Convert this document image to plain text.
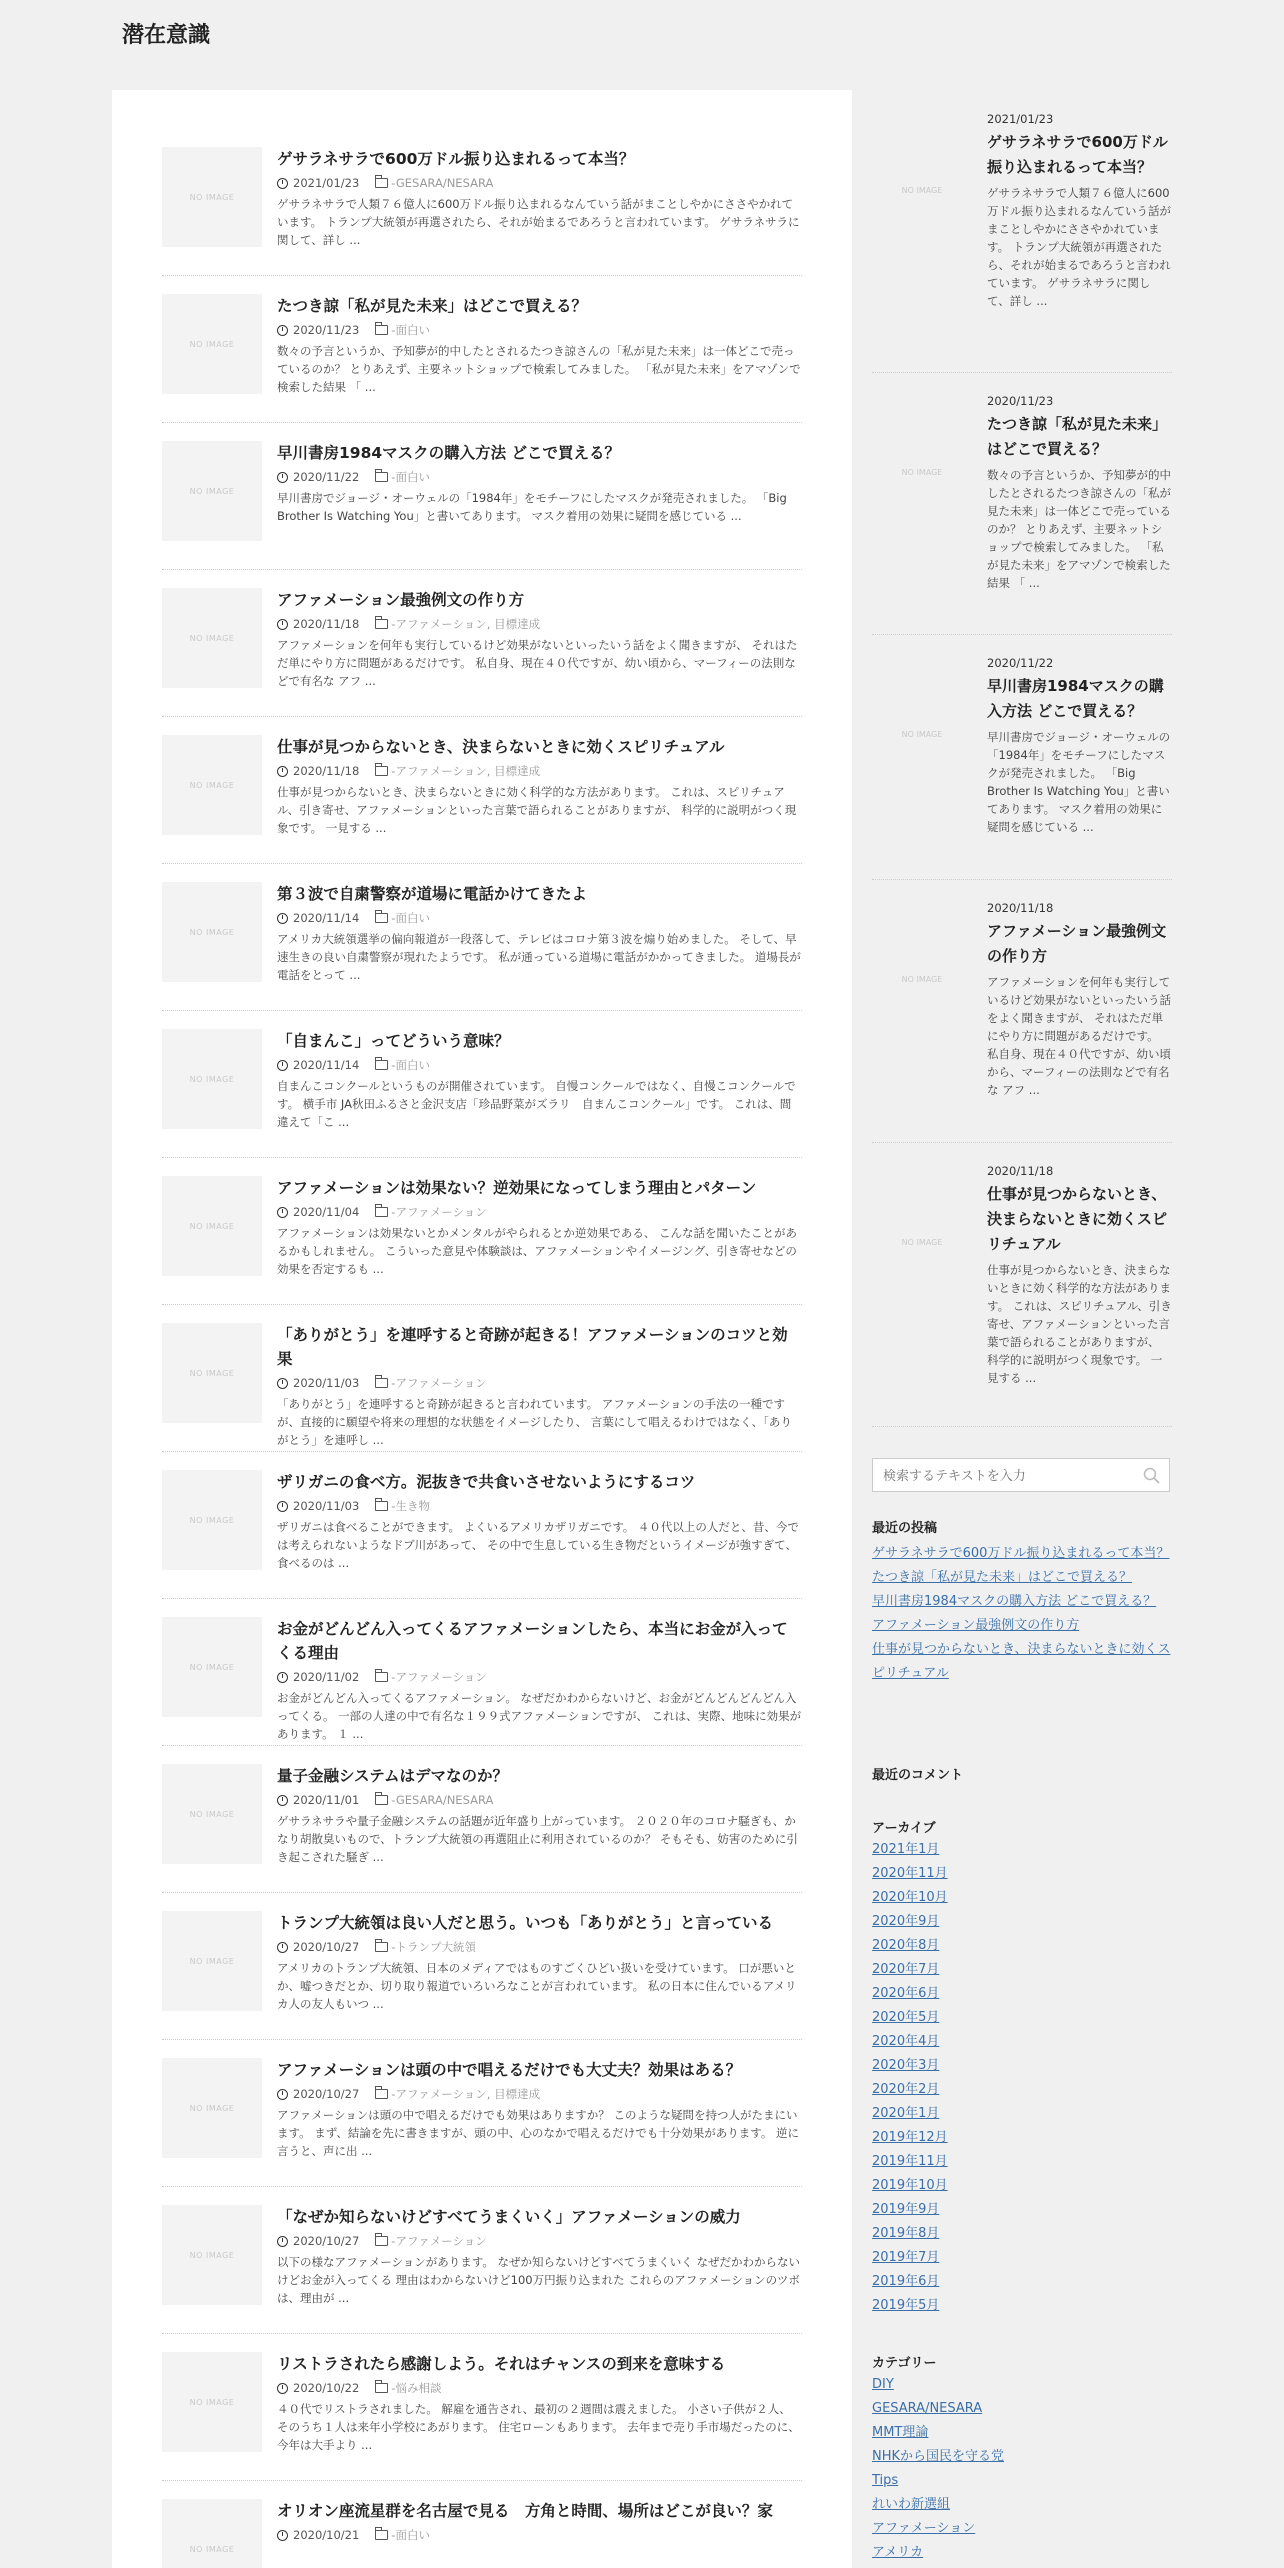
潜在意識
NO IMAGE
ゲサラネサラで600万ドル振り込まれるって本当？
2021/01/23	-GESARA/NESARA
ゲサラネサラで人類７６億人に600万ドル振り込まれるなんていう話がまことしやかにささやかれています。 トランプ大統領が再選されたら、それが始まるであろうと言われています。 ゲサラネサラに関して、詳し ...
NO IMAGE
たつき諒「私が見た未来」はどこで買える？
2020/11/23	-面白い
数々の予言というか、予知夢が的中したとされるたつき諒さんの「私が見た未来」は一体どこで売っているのか？ とりあえず、主要ネットショップで検索してみました。 「私が見た未来」をアマゾンで検索した結果 「 ...
NO IMAGE
早川書房1984マスクの購入方法 どこで買える？
2020/11/22	-面白い
早川書房でジョージ・オーウェルの「1984年」をモチーフにしたマスクが発売されました。 「Big Brother Is Watching You」と書いてあります。 マスク着用の効果に疑問を感じている ...
NO IMAGE
アファメーション最強例文の作り方
2020/11/18	-アファメーション, 目標達成
アファメーションを何年も実行しているけど効果がないといったいう話をよく聞きますが、 それはただ単にやり方に問題があるだけです。 私自身、現在４０代ですが、幼い頃から、マーフィーの法則などで有名な アフ ...
NO IMAGE
仕事が見つからないとき、決まらないときに効くスピリチュアル
2020/11/18	-アファメーション, 目標達成
仕事が見つからないとき、決まらないときに効く科学的な方法があります。 これは、スピリチュアル、引き寄せ、アファメーションといった言葉で語られることがありますが、 科学的に説明がつく現象です。 一見する ...
NO IMAGE
第３波で自粛警察が道場に電話かけてきたよ
2020/11/14	-面白い
アメリカ大統領選挙の偏向報道が一段落して、テレビはコロナ第３波を煽り始めました。 そして、早速生きの良い自粛警察が現れたようです。 私が通っている道場に電話がかかってきました。 道場長が電話をとって ...
NO IMAGE
「自まんこ」ってどういう意味？
2020/11/14	-面白い
自まんこコンクールというものが開催されています。 自慢コンクールではなく、自慢こコンクールです。 横手市 JA秋田ふるさと金沢支店「珍品野菜がズラリ　自まんこコンクール」です。 これは、間違えて「こ ...
NO IMAGE
アファメーションは効果ない？逆効果になってしまう理由とパターン
2020/11/04	-アファメーション
アファメーションは効果ないとかメンタルがやられるとか逆効果である、 こんな話を聞いたことがあるかもしれません。 こういった意見や体験談は、アファメーションやイメージング、引き寄せなどの効果を否定するも ...
NO IMAGE
「ありがとう」を連呼すると奇跡が起きる！アファメーションのコツと効果
2020/11/03	-アファメーション
「ありがとう」を連呼すると奇跡が起きると言われています。 アファメーションの手法の一種ですが、直接的に願望や将来の理想的な状態をイメージしたり、 言葉にして唱えるわけではなく、「ありがとう」を連呼し ...
NO IMAGE
ザリガニの食べ方。泥抜きで共食いさせないようにするコツ
2020/11/03	-生き物
ザリガニは食べることができます。 よくいるアメリカザリガニです。 ４０代以上の人だと、昔、今では考えられないようなドブ川があって、 その中で生息している生き物だというイメージが強すぎて、 食べるのは ...
NO IMAGE
お金がどんどん入ってくるアファメーションしたら、本当にお金が入ってくる理由
2020/11/02	-アファメーション
お金がどんどん入ってくるアファメーション。 なぜだかわからないけど、お金がどんどんどんどん入ってくる。 一部の人達の中で有名な１９９式アファメーションですが、 これは、実際、地味に効果があります。 １ ...
NO IMAGE
量子金融システムはデマなのか？
2020/11/01	-GESARA/NESARA
ゲサラネサラや量子金融システムの話題が近年盛り上がっています。 ２０２０年のコロナ騒ぎも、かなり胡散臭いもので、トランプ大統領の再選阻止に利用されているのか？ そもそも、妨害のために引き起こされた騒ぎ ...
NO IMAGE
トランプ大統領は良い人だと思う。いつも「ありがとう」と言っている
2020/10/27	-トランプ大統領
アメリカのトランプ大統領、日本のメディアではものすごくひどい扱いを受けています。 口が悪いとか、嘘つきだとか、切り取り報道でいろいろなことが言われています。 私の日本に住んでいるアメリカ人の友人もいつ ...
NO IMAGE
アファメーションは頭の中で唱えるだけでも大丈夫？効果はある？
2020/10/27	-アファメーション, 目標達成
アファメーションは頭の中で唱えるだけでも効果はありますか？ このような疑問を持つ人がたまにいます。 まず、結論を先に書きますが、頭の中、心のなかで唱えるだけでも十分効果があります。 逆に言うと、声に出 ...
NO IMAGE
「なぜか知らないけどすべてうまくいく」アファメーションの威力
2020/10/27	-アファメーション
以下の様なアファメーションがあります。 なぜか知らないけどすべてうまくいく なぜだかわからないけどお金が入ってくる 理由はわからないけど100万円振り込まれた これらのアファメーションのツボは、理由が ...
NO IMAGE
リストラされたら感謝しよう。それはチャンスの到来を意味する
2020/10/22	-悩み相談
４０代でリストラされました。 解雇を通告され、最初の２週間は震えました。 小さい子供が２人、そのうち１人は来年小学校にあがります。 住宅ローンもあります。 去年まで売り手市場だったのに、今年は大手より ...
NO IMAGE
オリオン座流星群を名古屋で見る　方角と時間、場所はどこが良い？家
2020/10/21	-面白い
NO IMAGE
2021/01/23
ゲサラネサラで600万ドル振り込まれるって本当？
ゲサラネサラで人類７６億人に600万ドル振り込まれるなんていう話がまことしやかにささやかれています。 トランプ大統領が再選されたら、それが始まるであろうと言われています。 ゲサラネサラに関して、詳し ...
NO IMAGE
2020/11/23
たつき諒「私が見た未来」はどこで買える？
数々の予言というか、予知夢が的中したとされるたつき諒さんの「私が見た未来」は一体どこで売っているのか？ とりあえず、主要ネットショップで検索してみました。 「私が見た未来」をアマゾンで検索した結果 「 ...
NO IMAGE
2020/11/22
早川書房1984マスクの購入方法 どこで買える？
早川書房でジョージ・オーウェルの「1984年」をモチーフにしたマスクが発売されました。 「Big Brother Is Watching You」と書いてあります。 マスク着用の効果に疑問を感じている ...
NO IMAGE
2020/11/18
アファメーション最強例文の作り方
アファメーションを何年も実行しているけど効果がないといったいう話をよく聞きますが、 それはただ単にやり方に問題があるだけです。 私自身、現在４０代ですが、幼い頃から、マーフィーの法則などで有名な アフ ...
NO IMAGE
2020/11/18
仕事が見つからないとき、決まらないときに効くスピリチュアル
仕事が見つからないとき、決まらないときに効く科学的な方法があります。 これは、スピリチュアル、引き寄せ、アファメーションといった言葉で語られることがありますが、 科学的に説明がつく現象です。 一見する ...
検索するテキストを入力
最近の投稿
ゲサラネサラで600万ドル振り込まれるって本当？
たつき諒「私が見た未来」はどこで買える？
早川書房1984マスクの購入方法 どこで買える？
アファメーション最強例文の作り方
仕事が見つからないとき、決まらないときに効くスピリチュアル
最近のコメント
アーカイブ
2021年1月
2020年11月
2020年10月
2020年9月
2020年8月
2020年7月
2020年6月
2020年5月
2020年4月
2020年3月
2020年2月
2020年1月
2019年12月
2019年11月
2019年10月
2019年9月
2019年8月
2019年7月
2019年6月
2019年5月
カテゴリー
DIY
GESARA/NESARA
MMT理論
NHKから国民を守る党
Tips
れいわ新選組
アファメーション
アメリカ
